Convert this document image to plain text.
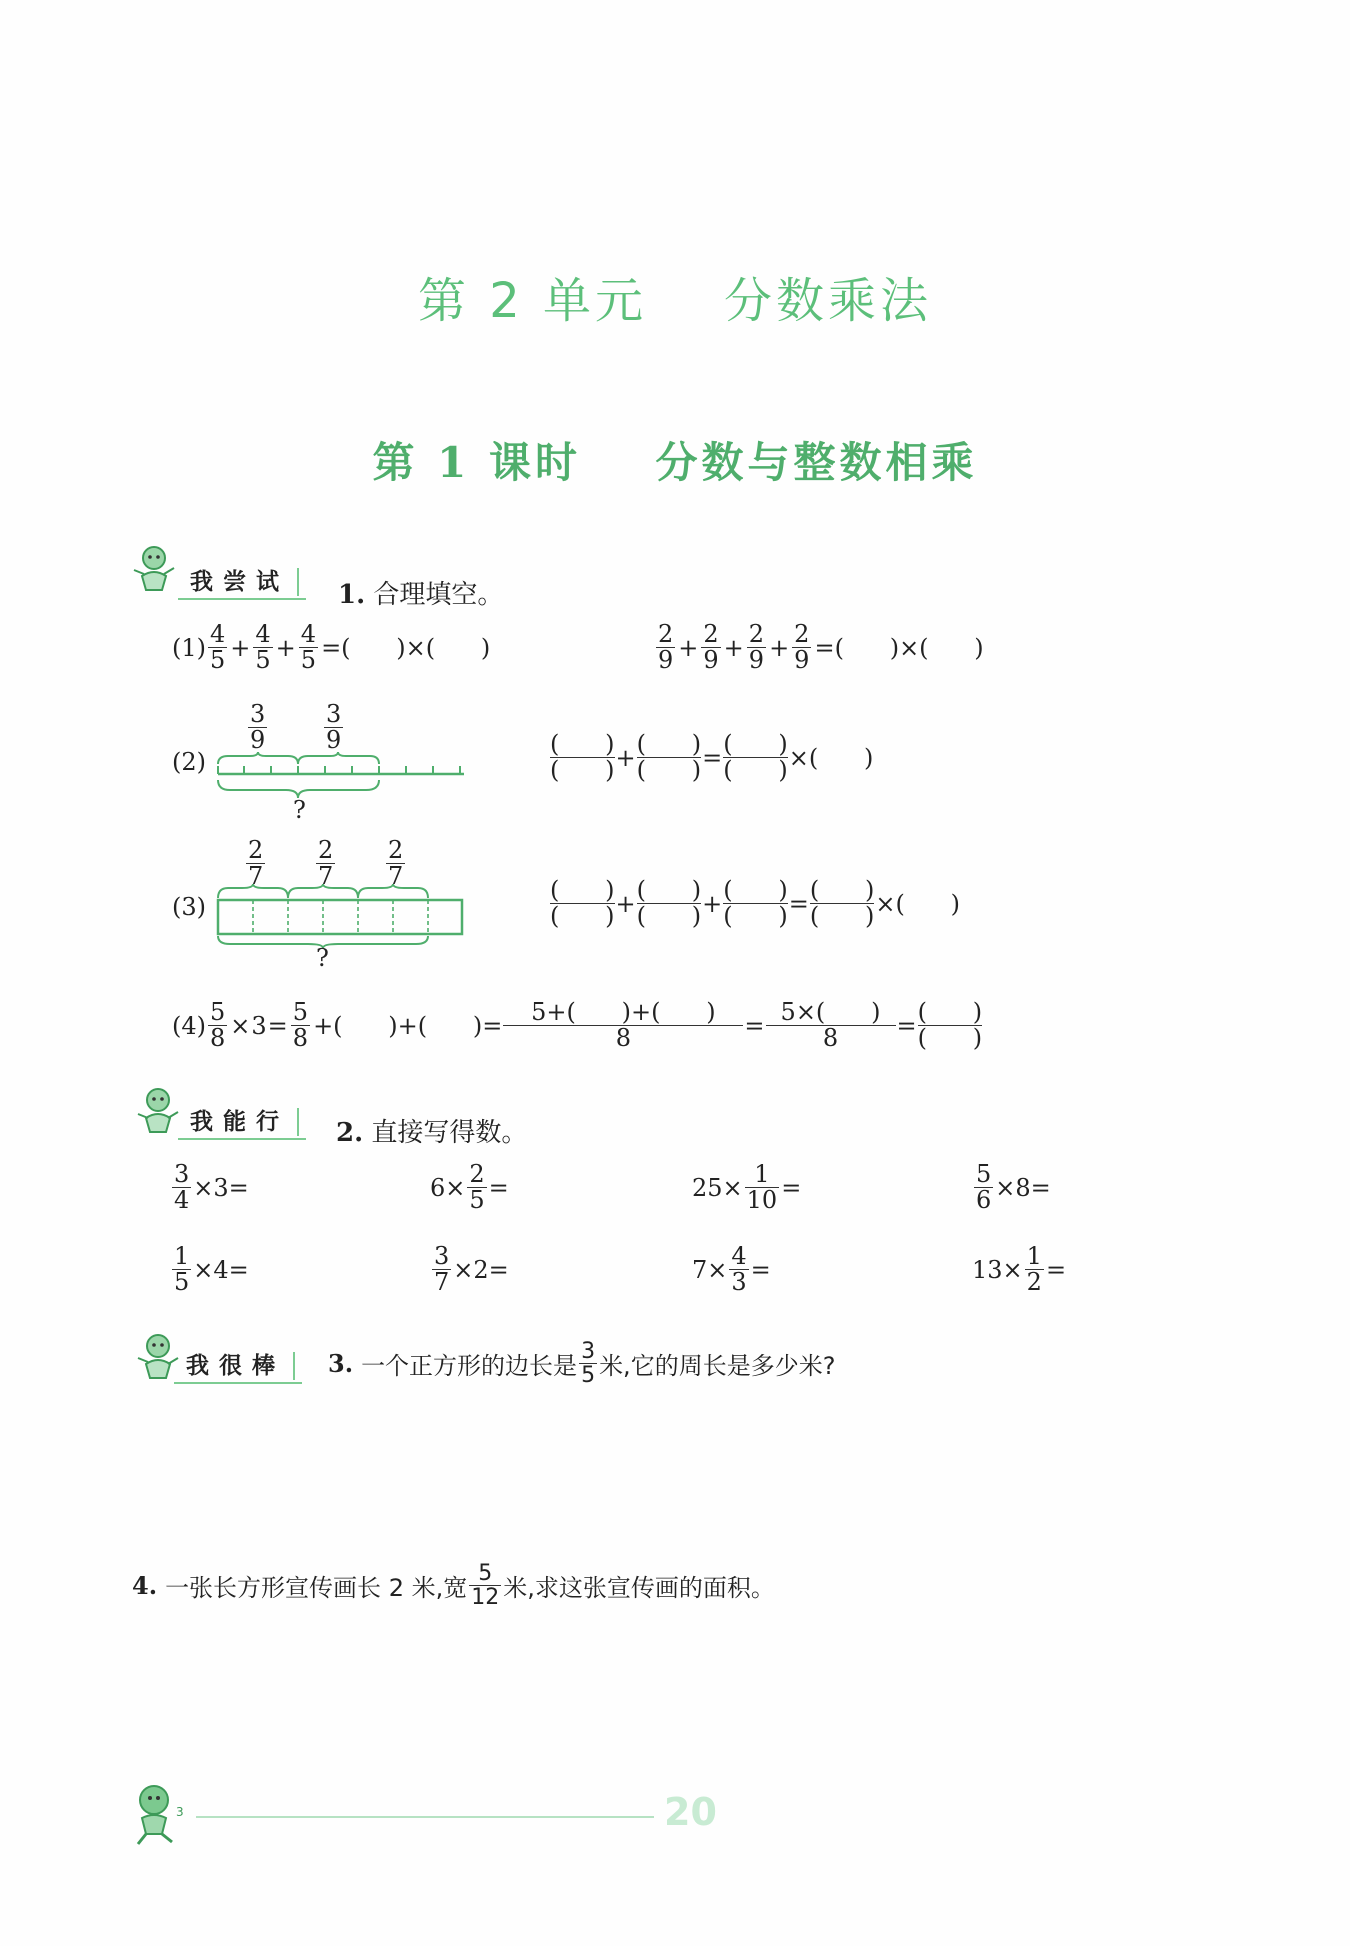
第 2 单元    分数乘法
第 1 课时    分数与整数相乘
我尝试	1. 合理填空。
$(1) \frac{4}{5} + \frac{4}{5} + \frac{4}{5}$ =(      )×(      )	$\frac{2}{9} + \frac{2}{9} + \frac{2}{9} + \frac{2}{9}$ =(      )×(      )
(2)
$\frac{3}{9} \frac{3}{9}$
?
$\frac{( )}{( )} + \frac{( )}{( )} = \frac{( )}{( )}$ ×(      )
(3)
$\frac{2}{7} \frac{2}{7} \frac{2}{7}$
?
$\frac{( )}{( )} + \frac{( )}{( )} + \frac{( )}{( )} = \frac{( )}{( )}$ ×(      )
$(4) \frac{5}{8} \times 3 = \frac{5}{8}$ +(      )+(      )= $\frac{5+( )+( )}{8} = \frac{5\times( )}{8} = \frac{( )}{( )}$
我能行	2. 直接写得数。
$\frac{3}{4} \times 3=$	$6\times \frac{2}{5}$ =	$25\times \frac{1}{10}$ =	$\frac{5}{6} \times 8=$
$\frac{1}{5} \times 4=$	$\frac{3}{7} \times 2=$	$7\times \frac{4}{3}$ =	$13\times \frac{1}{2}$ =
我很棒	3. 一个正方形的边长是 $\frac{3}{5}$ 米,它的周长是多少米?
4. 一张长方形宣传画长 2 米,宽 $\frac{5}{12}$ 米,求这张宣传画的面积。
3	20
